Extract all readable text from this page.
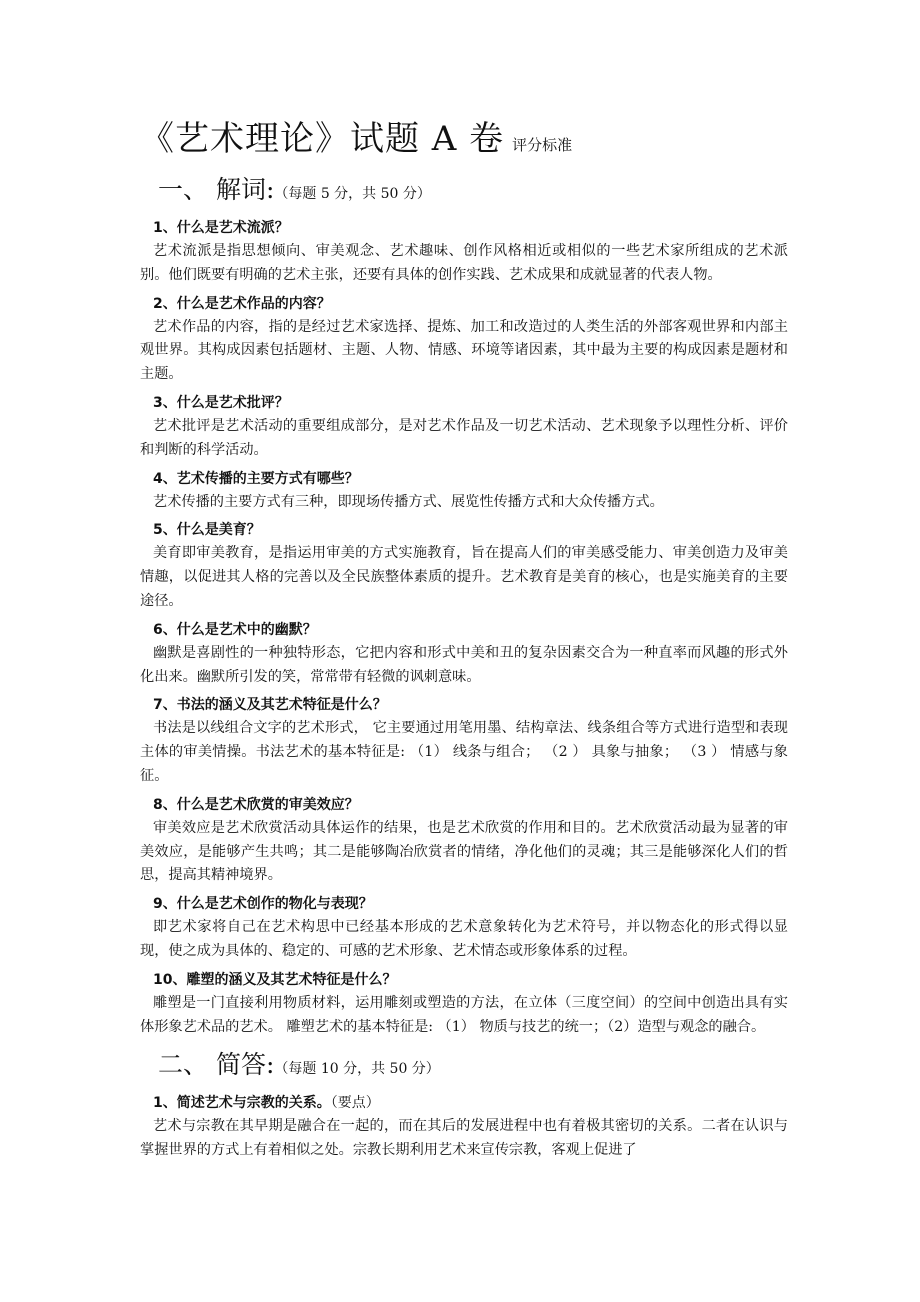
《艺术理论》试题 A 卷 评分标准
一、 解词:（每题 5 分，共 50 分）
1、什么是艺术流派？

艺术流派是指思想倾向、审美观念、艺术趣味、创作风格相近或相似的一些艺术家所组成的艺术派别。他们既要有明确的艺术主张，还要有具体的创作实践、艺术成果和成就显著的代表人物。

2、什么是艺术作品的内容？

艺术作品的内容，指的是经过艺术家选择、提炼、加工和改造过的人类生活的外部客观世界和内部主观世界。其构成因素包括题材、主题、人物、情感、环境等诸因素，其中最为主要的构成因素是题材和主题。

3、什么是艺术批评？

艺术批评是艺术活动的重要组成部分，是对艺术作品及一切艺术活动、艺术现象予以理性分析、评价和判断的科学活动。

4、艺术传播的主要方式有哪些？

艺术传播的主要方式有三种，即现场传播方式、展览性传播方式和大众传播方式。

5、什么是美育？

美育即审美教育，是指运用审美的方式实施教育，旨在提高人们的审美感受能力、审美创造力及审美情趣，以促进其人格的完善以及全民族整体素质的提升。艺术教育是美育的核心，也是实施美育的主要途径。

6、什么是艺术中的幽默？

幽默是喜剧性的一种独特形态，它把内容和形式中美和丑的复杂因素交合为一种直率而风趣的形式外化出来。幽默所引发的笑，常常带有轻微的讽刺意味。

7、书法的涵义及其艺术特征是什么？

书法是以线组合文字的艺术形式， 它主要通过用笔用墨、结构章法、线条组合等方式进行造型和表现主体的审美情操。书法艺术的基本特征是: （1） 线条与组合； （2 ） 具象与抽象； （3 ） 情感与象征。

8、什么是艺术欣赏的审美效应？

审美效应是艺术欣赏活动具体运作的结果，也是艺术欣赏的作用和目的。艺术欣赏活动最为显著的审美效应，是能够产生共鸣；其二是能够陶冶欣赏者的情绪，净化他们的灵魂；其三是能够深化人们的哲思，提高其精神境界。

9、什么是艺术创作的物化与表现？

即艺术家将自己在艺术构思中已经基本形成的艺术意象转化为艺术符号，并以物态化的形式得以显现，使之成为具体的、稳定的、可感的艺术形象、艺术情态或形象体系的过程。

10、雕塑的涵义及其艺术特征是什么？

雕塑是一门直接利用物质材料，运用雕刻或塑造的方法，在立体（三度空间）的空间中创造出具有实体形象艺术品的艺术。 雕塑艺术的基本特征是: （1） 物质与技艺的统一；（2）造型与观念的融合。

二、 简答:（每题 10 分，共 50 分）
1、简述艺术与宗教的关系。（要点）

艺术与宗教在其早期是融合在一起的，而在其后的发展进程中也有着极其密切的关系。二者在认识与掌握世界的方式上有着相似之处。宗教长期利用艺术来宣传宗教，客观上促进了
